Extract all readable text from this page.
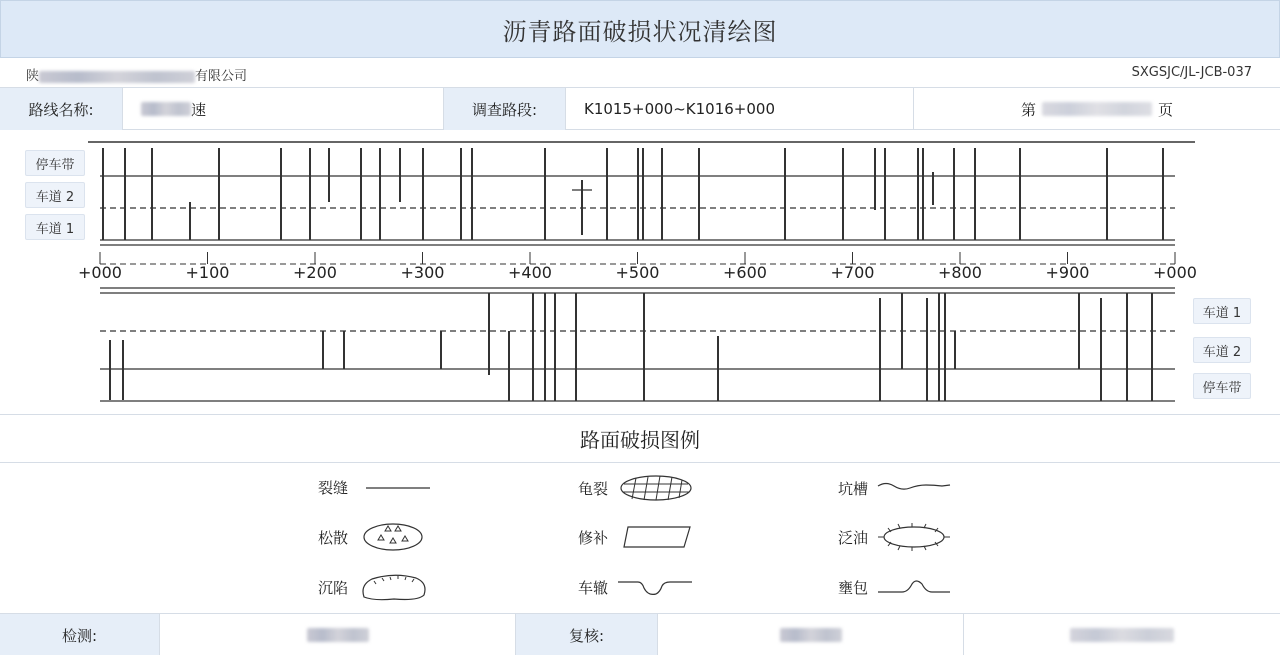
沥青路面破损状况清绘图
陕	有限公司	SXGSJC/JL-JCB-037
路线名称:	速	调查路段:	K1015+000~K1016+000	第	页
停车带
车道 2
车道 1
车道 1
车道 2
停车带
+000	+100	+200	+300	+400	+500	+600	+700	+800	+900	+000
路面破损图例
裂缝	龟裂	坑槽
松散	修补	泛油
沉陷	车辙	壅包
检测:	复核:
